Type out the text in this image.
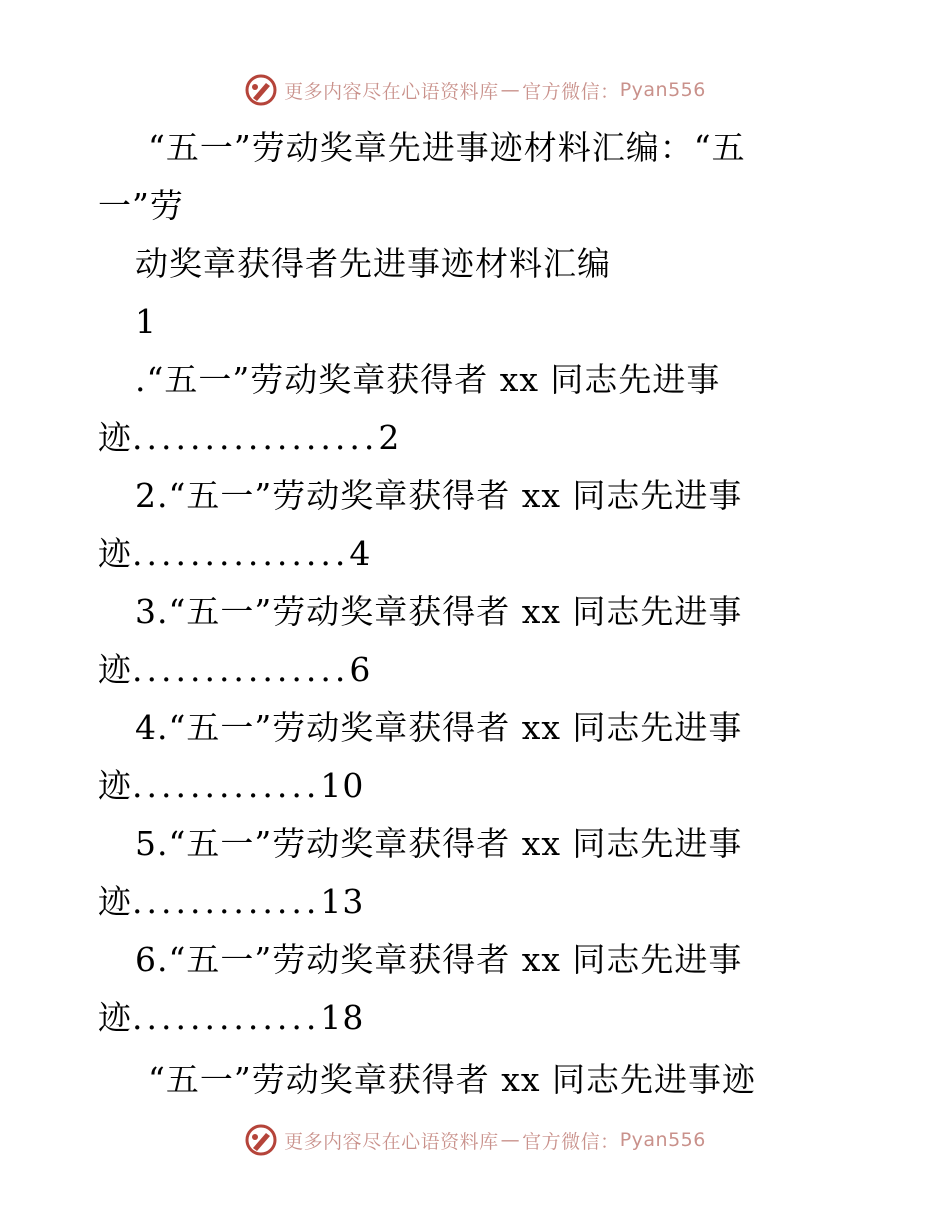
更多内容尽在心语资料库 — 官方微信： Pyan556
“五一”劳动奖章先进事迹材料汇编：“五
一”劳
动奖章获得者先进事迹材料汇编
1
.“五一”劳动奖章获得者 xx 同志先进事
迹.................2
2.“五一”劳动奖章获得者 xx 同志先进事
迹...............4
3.“五一”劳动奖章获得者 xx 同志先进事
迹...............6
4.“五一”劳动奖章获得者 xx 同志先进事
迹.............10
5.“五一”劳动奖章获得者 xx 同志先进事
迹.............13
6.“五一”劳动奖章获得者 xx 同志先进事
迹.............18
“五一”劳动奖章获得者 xx 同志先进事迹
更多内容尽在心语资料库 — 官方微信： Pyan556
